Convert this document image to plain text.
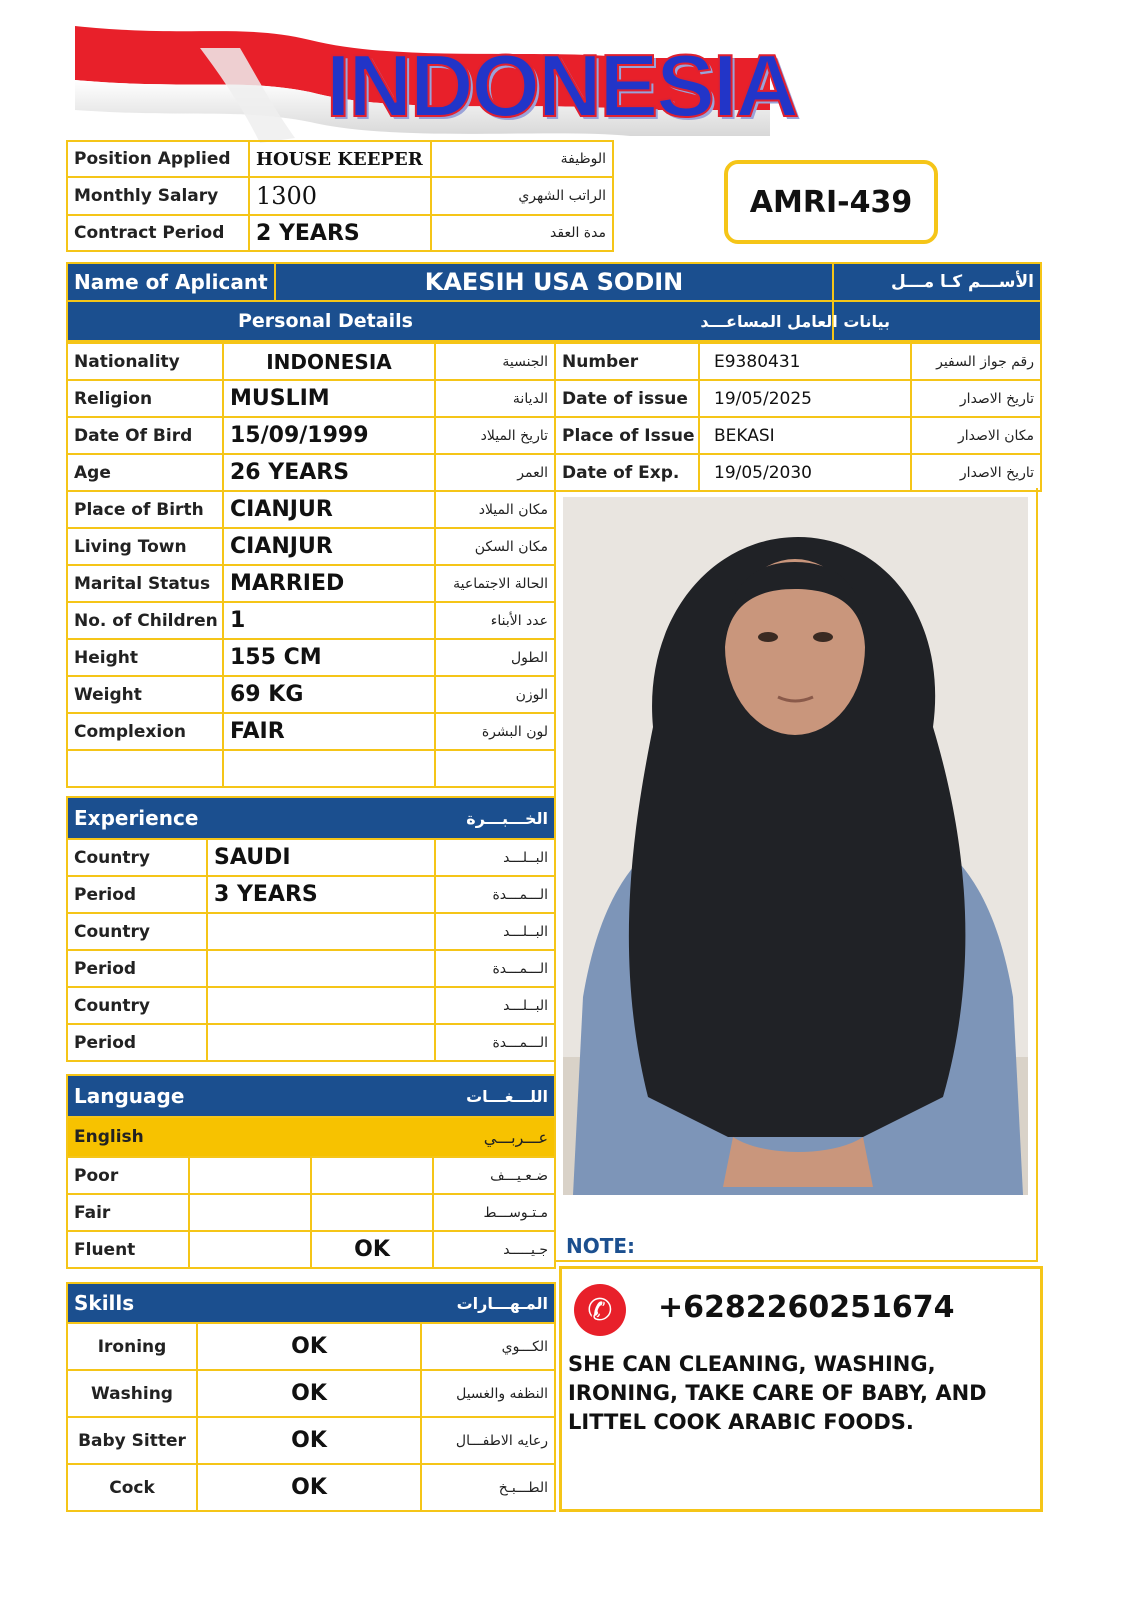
INDONESIA
AMRI-439
Position Applied	HOUSE KEEPER	الوظيفة
Monthly Salary	1300	الراتب الشهري
Contract Period	2 YEARS	مدة العقد
Name of Aplicant	KAESIH USA SODIN	الأســـم كـا مـــل
Personal Details		بيانات العامل المساعـــد
Nationality	INDONESIA	الجنسية
Religion	MUSLIM	الديانة
Date Of Bird	15/09/1999	تاريخ الميلاد
Age	26 YEARS	العمر
Place of Birth	CIANJUR	مكان الميلاد
Living Town	CIANJUR	مكان السكن
Marital Status	MARRIED	الحالة الاجتماعية
No. of Children	1	عدد الأبناء
Height	155 CM	الطول
Weight	69 KG	الوزن
Complexion	FAIR	لون البشرة

Number	E9380431	رقم جواز السفير
Date of issue	19/05/2025	تاريخ الاصدار
Place of Issue	BEKASI	مكان الاصدار
Date of Exp.	19/05/2030	تاريخ الاصدار
NOTE:
✆	+6282260251674
SHE CAN CLEANING, WASHING, IRONING, TAKE CARE OF BABY, AND LITTEL COOK ARABIC FOODS.
Experience		الخـــبـــرة
Country	SAUDI	البــلـــد
Period	3 YEARS	الـــمـــدة
Country		البــلـــد
Period		الـــمـــدة
Country		البــلـــد
Period		الـــمـــدة
Language		اللـــغـــات	
English		عـــربـــي	
Poor			ضـعـيـــف
Fair			مـتـوســـط
Fluent		OK	جـيـــــد
Skills		المـهـــارات
Ironing	OK	الكـــوي
Washing	OK	النظفه والغسيل
Baby Sitter	OK	رعايه الاطفـــال
Cock	OK	الطـــبـخ
